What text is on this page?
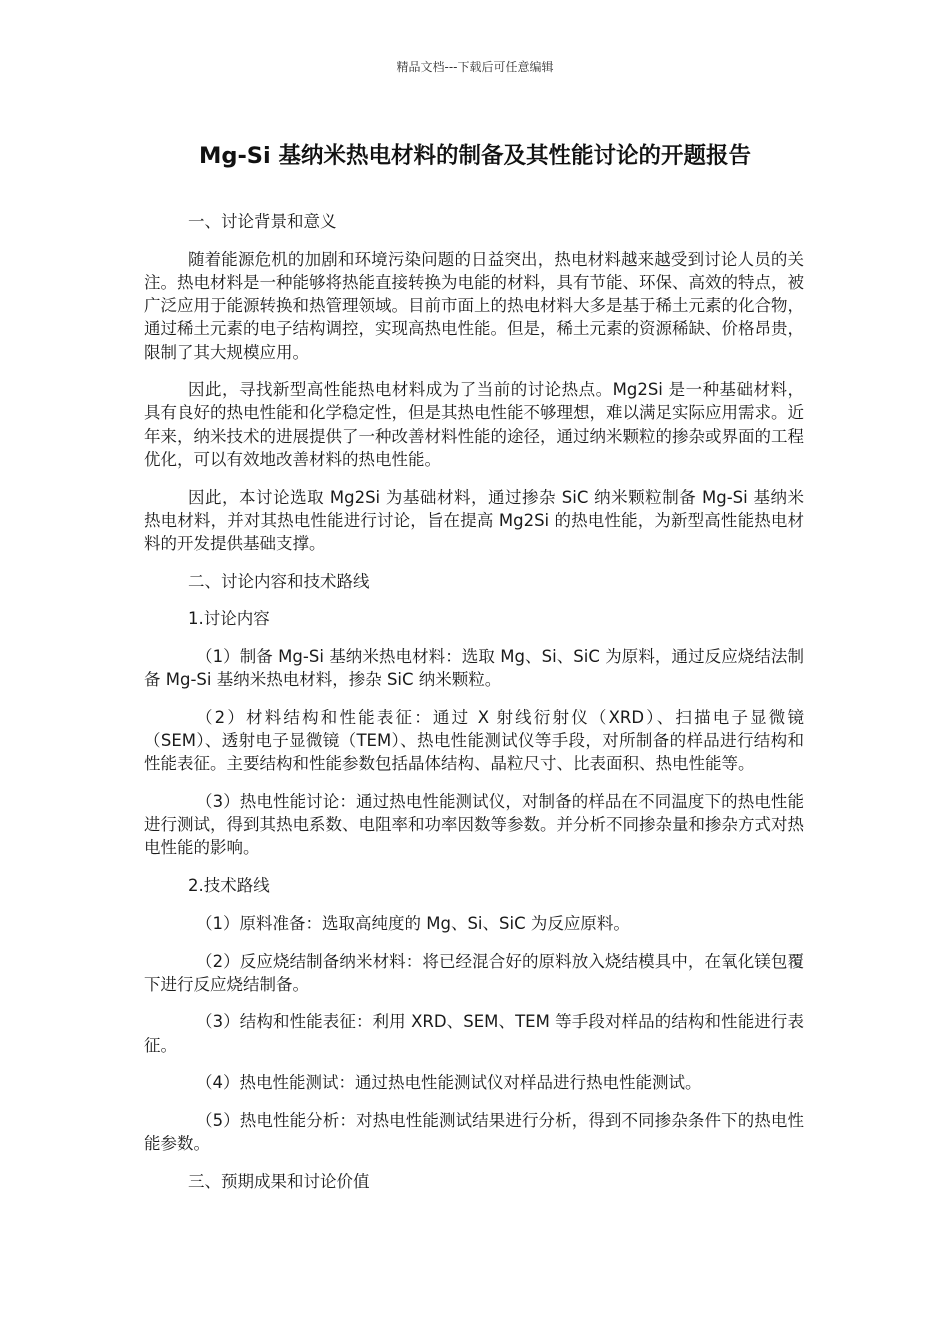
精品文档---下载后可任意编辑
Mg-Si 基纳米热电材料的制备及其性能讨论的开题报告

一、讨论背景和意义

随着能源危机的加剧和环境污染问题的日益突出，热电材料越来越受到讨论人员的关注。热电材料是一种能够将热能直接转换为电能的材料，具有节能、环保、高效的特点，被广泛应用于能源转换和热管理领域。目前市面上的热电材料大多是基于稀土元素的化合物，通过稀土元素的电子结构调控，实现高热电性能。但是，稀土元素的资源稀缺、价格昂贵，限制了其大规模应用。

因此，寻找新型高性能热电材料成为了当前的讨论热点。Mg2Si 是一种基础材料，具有良好的热电性能和化学稳定性，但是其热电性能不够理想，难以满足实际应用需求。近年来，纳米技术的进展提供了一种改善材料性能的途径，通过纳米颗粒的掺杂或界面的工程优化，可以有效地改善材料的热电性能。

因此，本讨论选取 Mg2Si 为基础材料，通过掺杂 SiC 纳米颗粒制备 Mg-Si 基纳米热电材料，并对其热电性能进行讨论，旨在提高 Mg2Si 的热电性能，为新型高性能热电材料的开发提供基础支撑。

二、讨论内容和技术路线

1.讨论内容

（1）制备 Mg-Si 基纳米热电材料：选取 Mg、Si、SiC 为原料，通过反应烧结法制备 Mg-Si 基纳米热电材料，掺杂 SiC 纳米颗粒。

（2）材料结构和性能表征：通过 X 射线衍射仪（XRD）、扫描电子显微镜（SEM）、透射电子显微镜（TEM）、热电性能测试仪等手段，对所制备的样品进行结构和性能表征。主要结构和性能参数包括晶体结构、晶粒尺寸、比表面积、热电性能等。

（3）热电性能讨论：通过热电性能测试仪，对制备的样品在不同温度下的热电性能进行测试，得到其热电系数、电阻率和功率因数等参数。并分析不同掺杂量和掺杂方式对热电性能的影响。

2.技术路线

（1）原料准备：选取高纯度的 Mg、Si、SiC 为反应原料。

（2）反应烧结制备纳米材料：将已经混合好的原料放入烧结模具中，在氧化镁包覆下进行反应烧结制备。

（3）结构和性能表征：利用 XRD、SEM、TEM 等手段对样品的结构和性能进行表征。

（4）热电性能测试：通过热电性能测试仪对样品进行热电性能测试。

（5）热电性能分析：对热电性能测试结果进行分析，得到不同掺杂条件下的热电性能参数。

三、预期成果和讨论价值
